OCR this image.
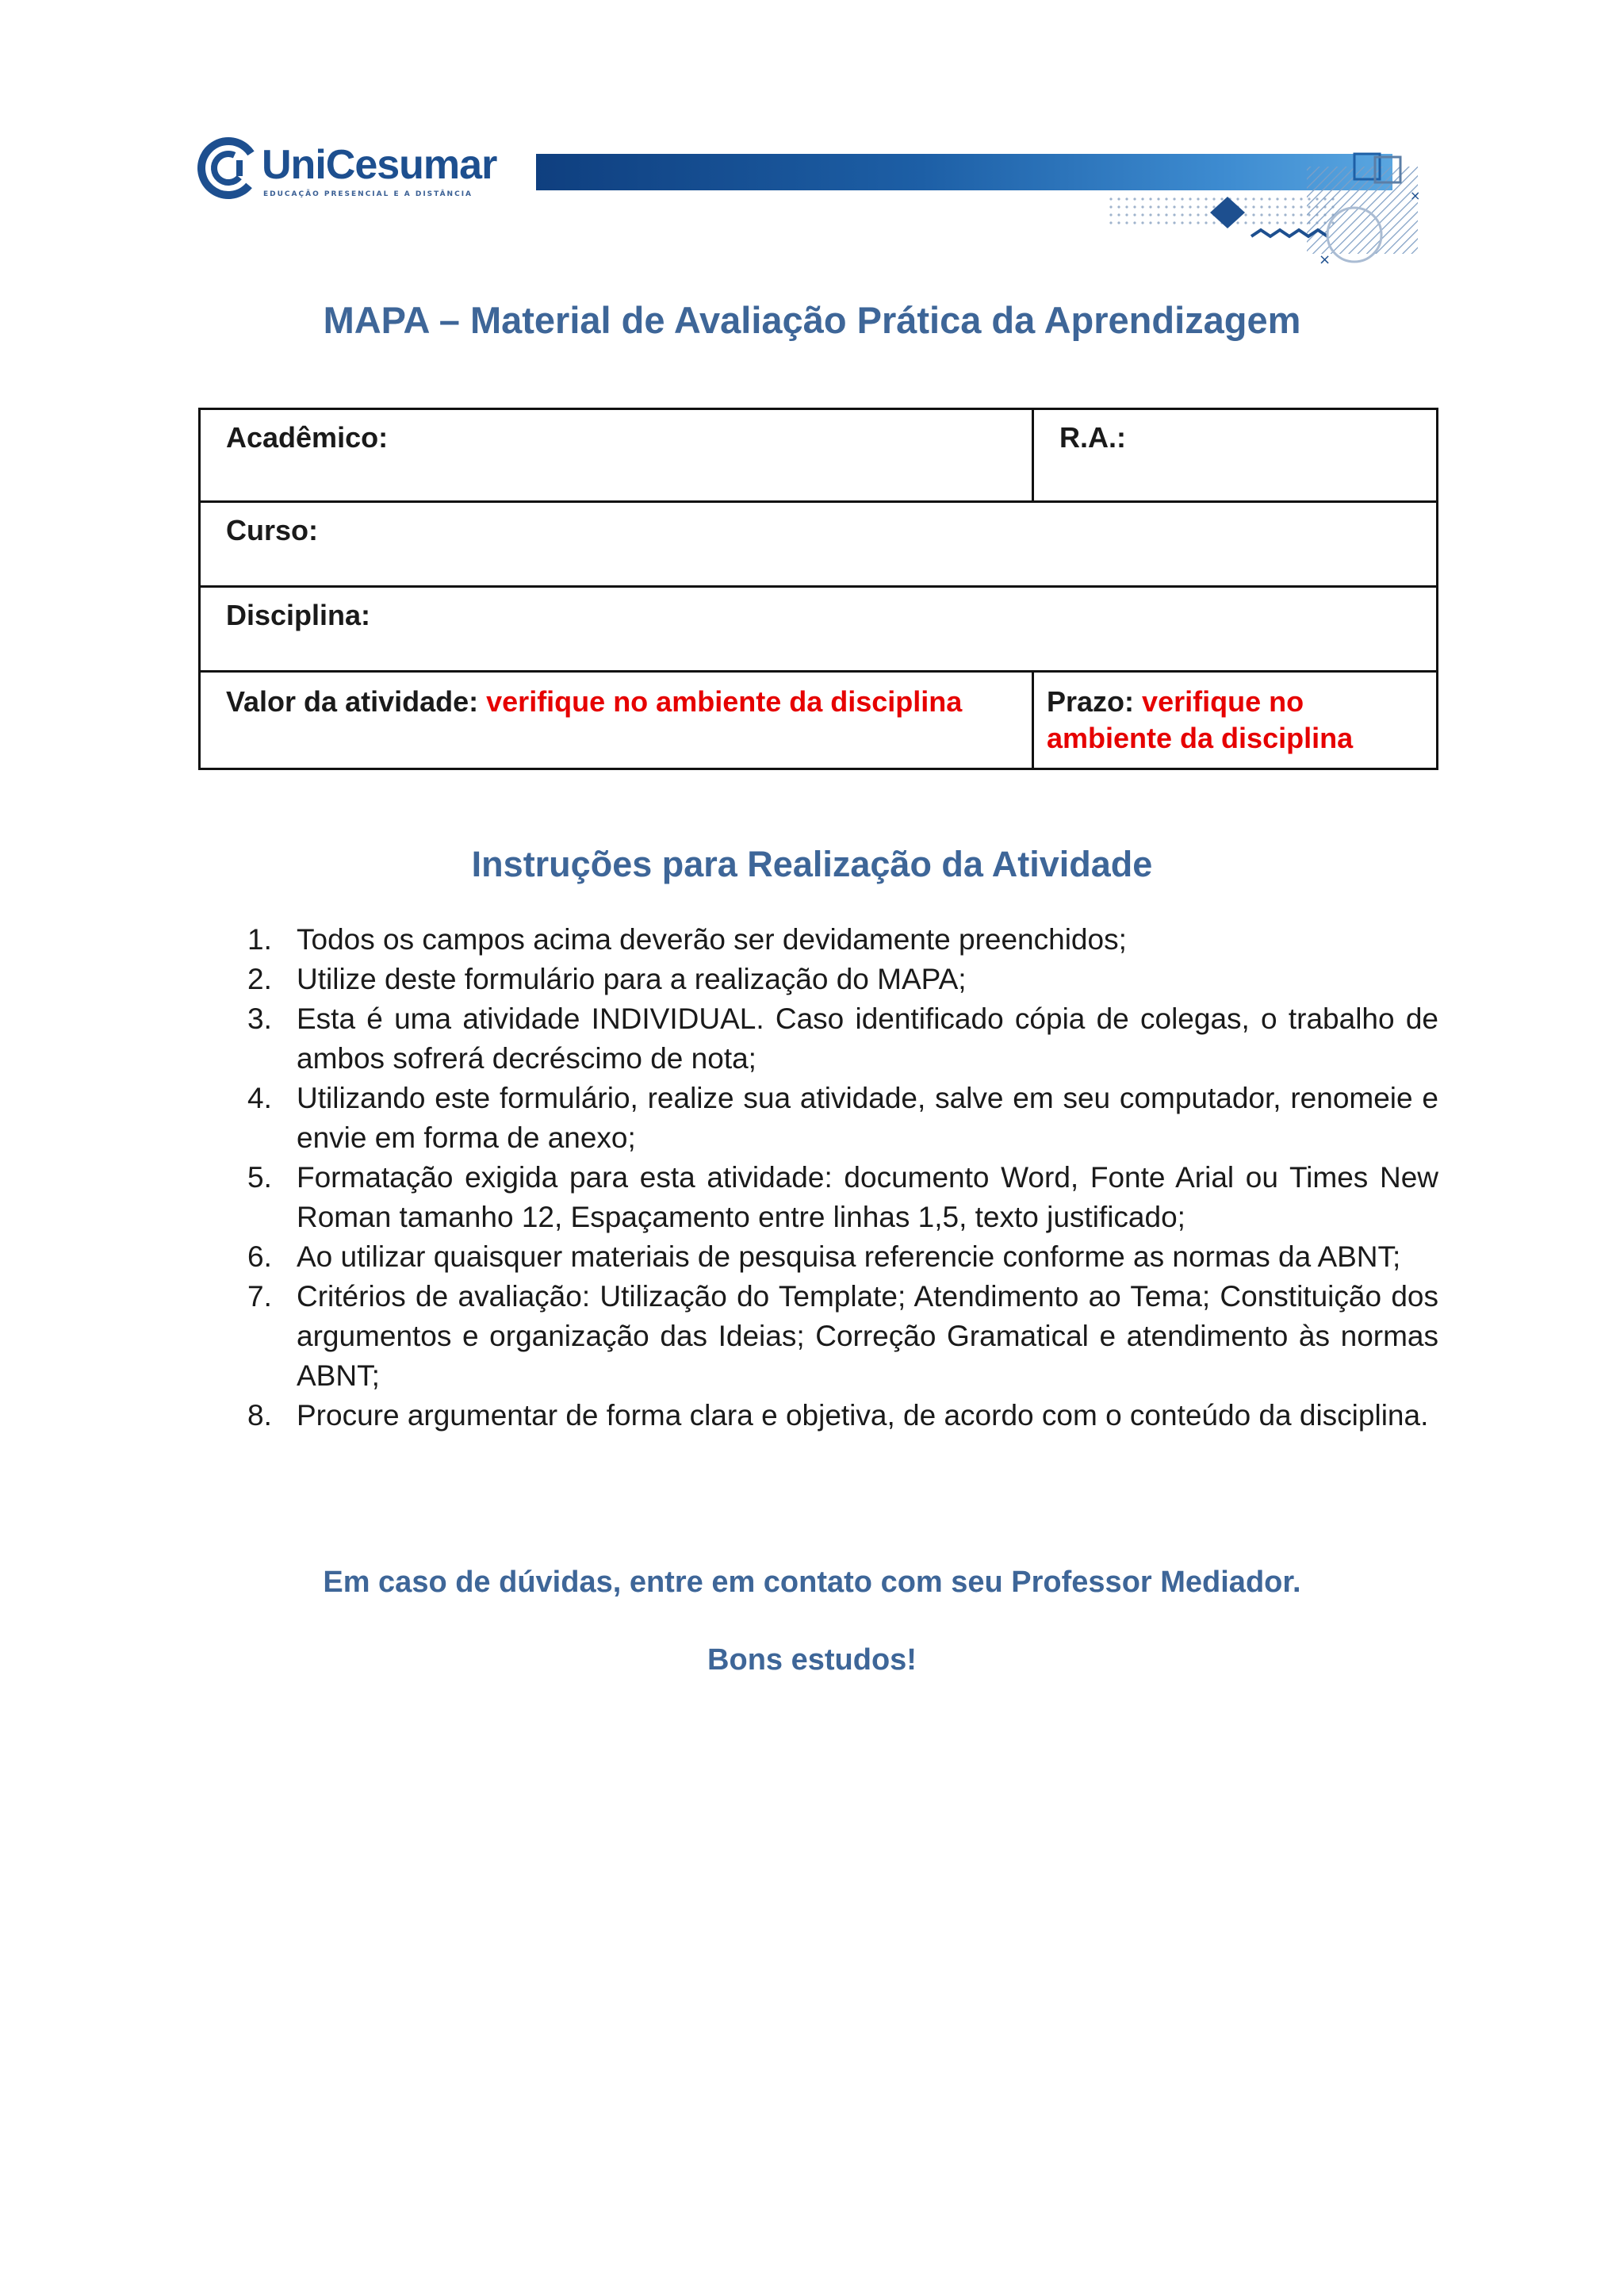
UniCesumar
EDUCAÇÃO PRESENCIAL E A DISTÂNCIA	×
×
MAPA – Material de Avaliação Prática da Aprendizagem
Acadêmico:	R.A.:
Curso:	
Disciplina:	
Valor da atividade: verifique no ambiente da disciplina	Prazo: verifique no ambiente da disciplina
Instruções para Realização da Atividade
1. Todos os campos acima deverão ser devidamente preenchidos;
2. Utilize deste formulário para a realização do MAPA;
3. Esta é uma atividade INDIVIDUAL. Caso identificado cópia de colegas, o trabalho de ambos sofrerá decréscimo de nota;
4. Utilizando este formulário, realize sua atividade, salve em seu computador, renomeie e envie em forma de anexo;
5. Formatação exigida para esta atividade: documento Word, Fonte Arial ou Times New Roman tamanho 12, Espaçamento entre linhas 1,5, texto justificado;
6. Ao utilizar quaisquer materiais de pesquisa referencie conforme as normas da ABNT;
7. Critérios de avaliação: Utilização do Template; Atendimento ao Tema; Constituição dos argumentos e organização das Ideias; Correção Gramatical e atendimento às normas ABNT;
8. Procure argumentar de forma clara e objetiva, de acordo com o conteúdo da disciplina.
Em caso de dúvidas, entre em contato com seu Professor Mediador.
Bons estudos!
